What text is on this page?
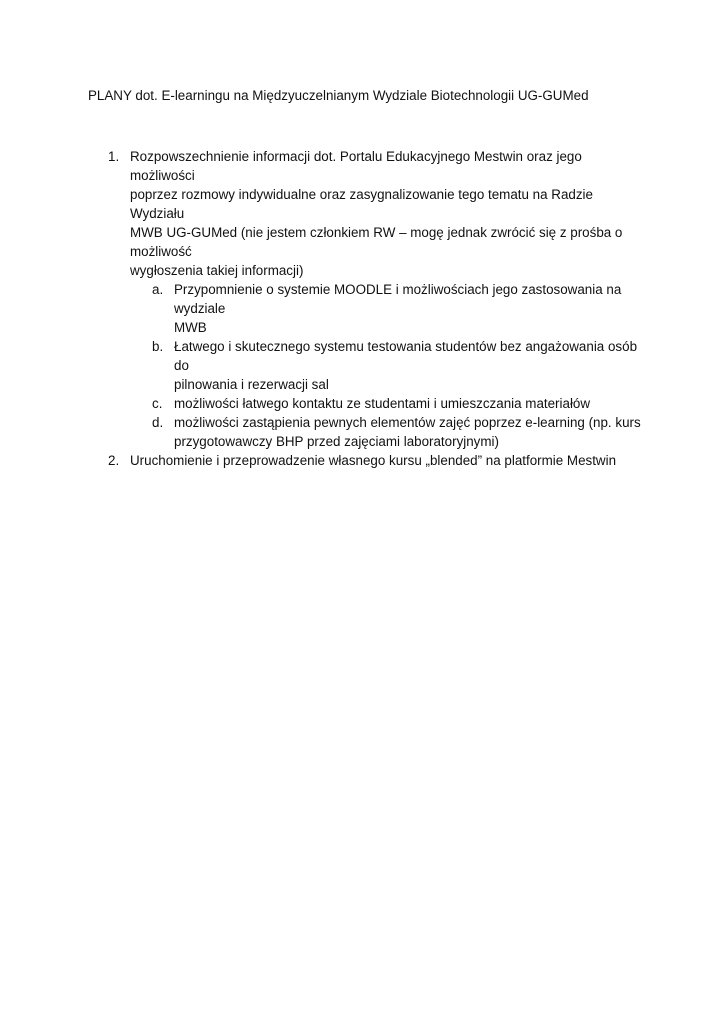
PLANY dot. E-learningu na Międzyuczelnianym Wydziale Biotechnologii UG-GUMed
1. Rozpowszechnienie informacji dot. Portalu Edukacyjnego Mestwin oraz jego możliwości
poprzez rozmowy indywidualne oraz zasygnalizowanie tego tematu na Radzie Wydziału
MWB UG-GUMed (nie jestem członkiem RW – mogę jednak zwrócić się z prośba o możliwość
wygłoszenia takiej informacji)
a. Przypomnienie o systemie MOODLE i możliwościach jego zastosowania na wydziale
MWB
b. Łatwego i skutecznego systemu testowania studentów bez angażowania osób do
pilnowania i rezerwacji sal
c. możliwości łatwego kontaktu ze studentami i umieszczania materiałów
d. możliwości zastąpienia pewnych elementów zajęć poprzez e-learning (np. kurs
przygotowawczy BHP przed zajęciami laboratoryjnymi)
2. Uruchomienie i przeprowadzenie własnego kursu „blended” na platformie Mestwin
